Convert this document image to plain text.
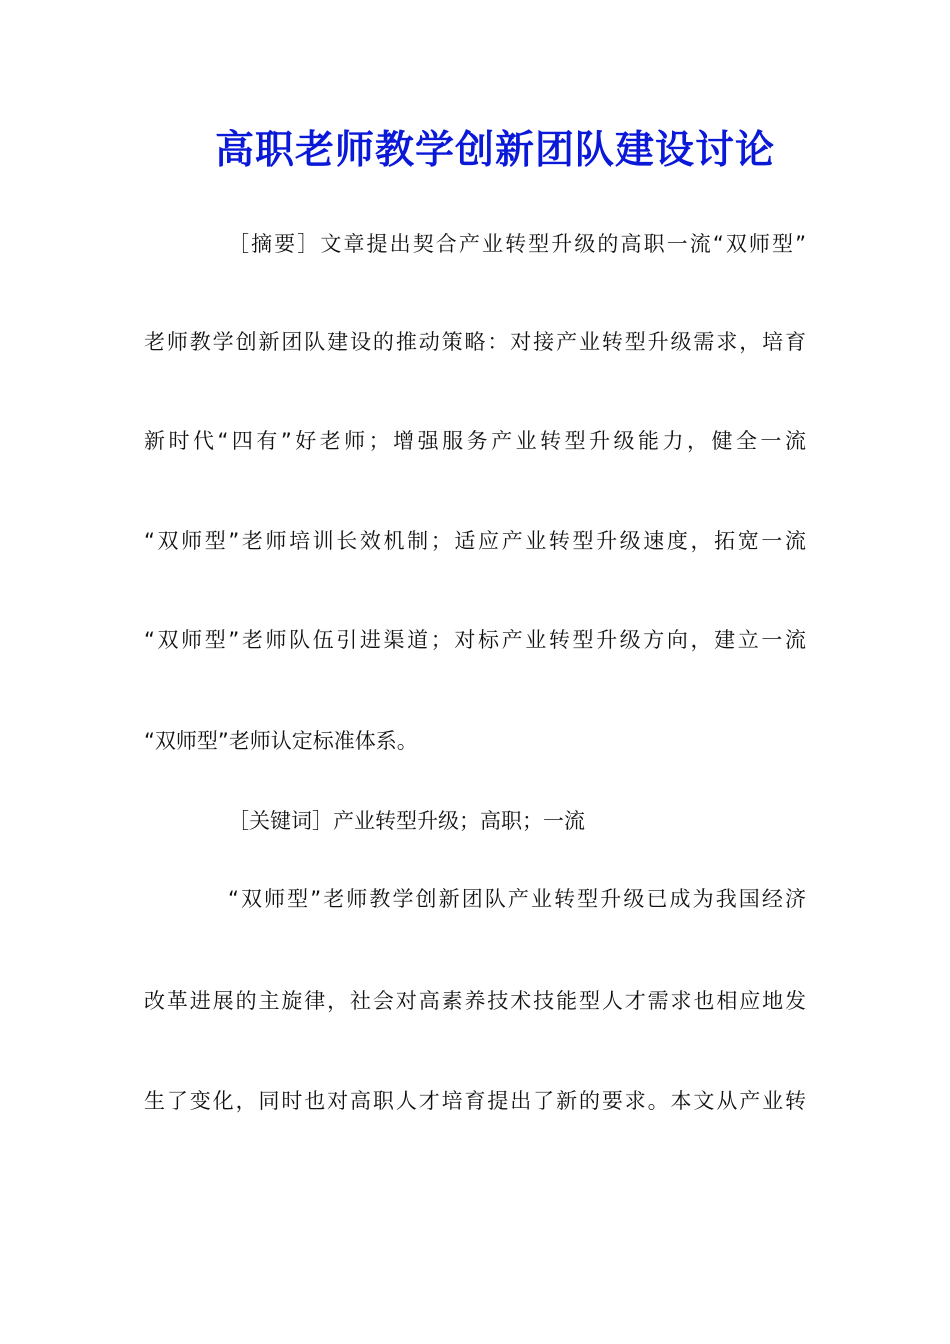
高职老师教学创新团队建设讨论
［摘要］文章提出契合产业转型升级的高职一流“双师型”
老师教学创新团队建设的推动策略：对接产业转型升级需求，培育
新时代“四有”好老师；增强服务产业转型升级能力，健全一流
“双师型”老师培训长效机制；适应产业转型升级速度，拓宽一流
“双师型”老师队伍引进渠道；对标产业转型升级方向，建立一流
“双师型”老师认定标准体系。
［关键词］产业转型升级；高职；一流
“双师型”老师教学创新团队产业转型升级已成为我国经济
改革进展的主旋律，社会对高素养技术技能型人才需求也相应地发
生了变化，同时也对高职人才培育提出了新的要求。本文从产业转
